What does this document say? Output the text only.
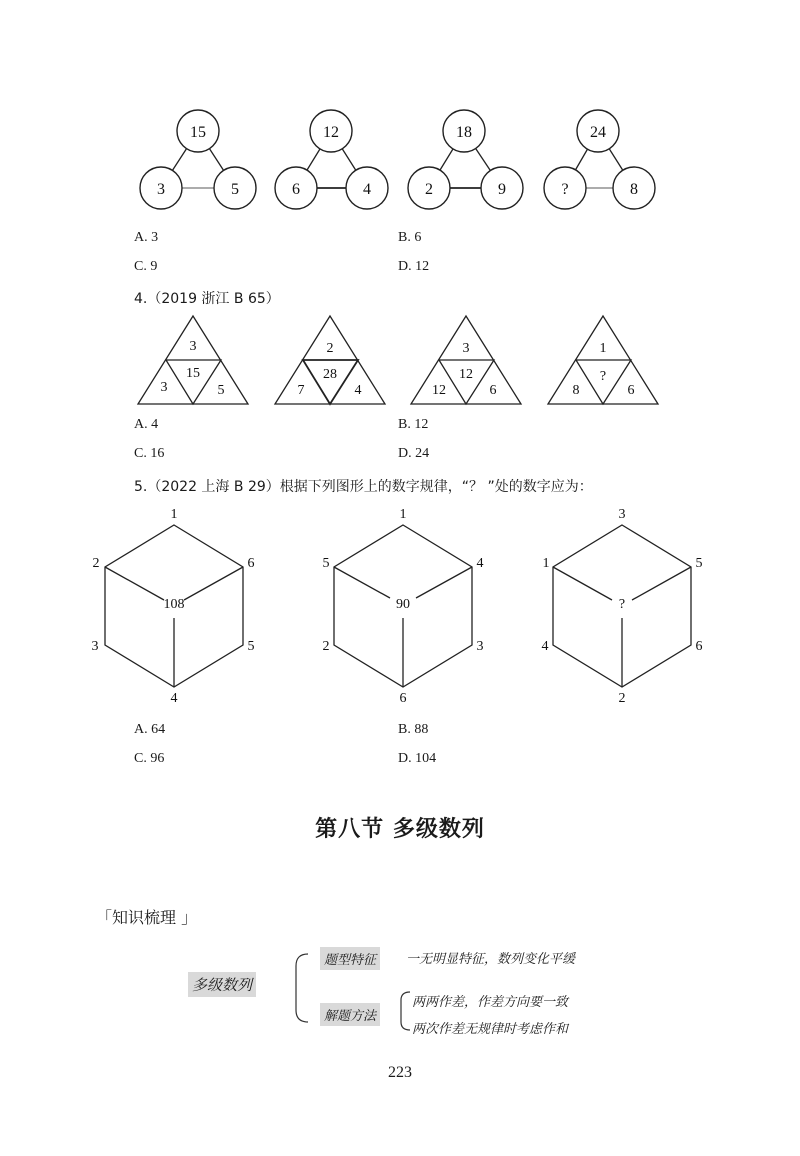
15
3	5
12
6	4
18
2	9
24
?	8
A. 3	B. 6
C. 9	D. 12
4.（2019 浙江 B 65）
3
15
3	5
2
28
7	4
3
12
12	6
1
?
8	6
A. 4	B. 12
C. 16	D. 24
5.（2022 上海 B 29）根据下列图形上的数字规律，“？ ”处的数字应为：
1
2	6
108
3	5
4
1
5	4
90
2	3
6
3
1	5
?
4	6
2
A. 64	B. 88
C. 96	D. 104
第八节 多级数列
「知识梳理 」
多级数列
题型特征	一无明显特征，数列变化平缓
解题方法
两两作差，作差方向要一致
两次作差无规律时考虑作和
223
